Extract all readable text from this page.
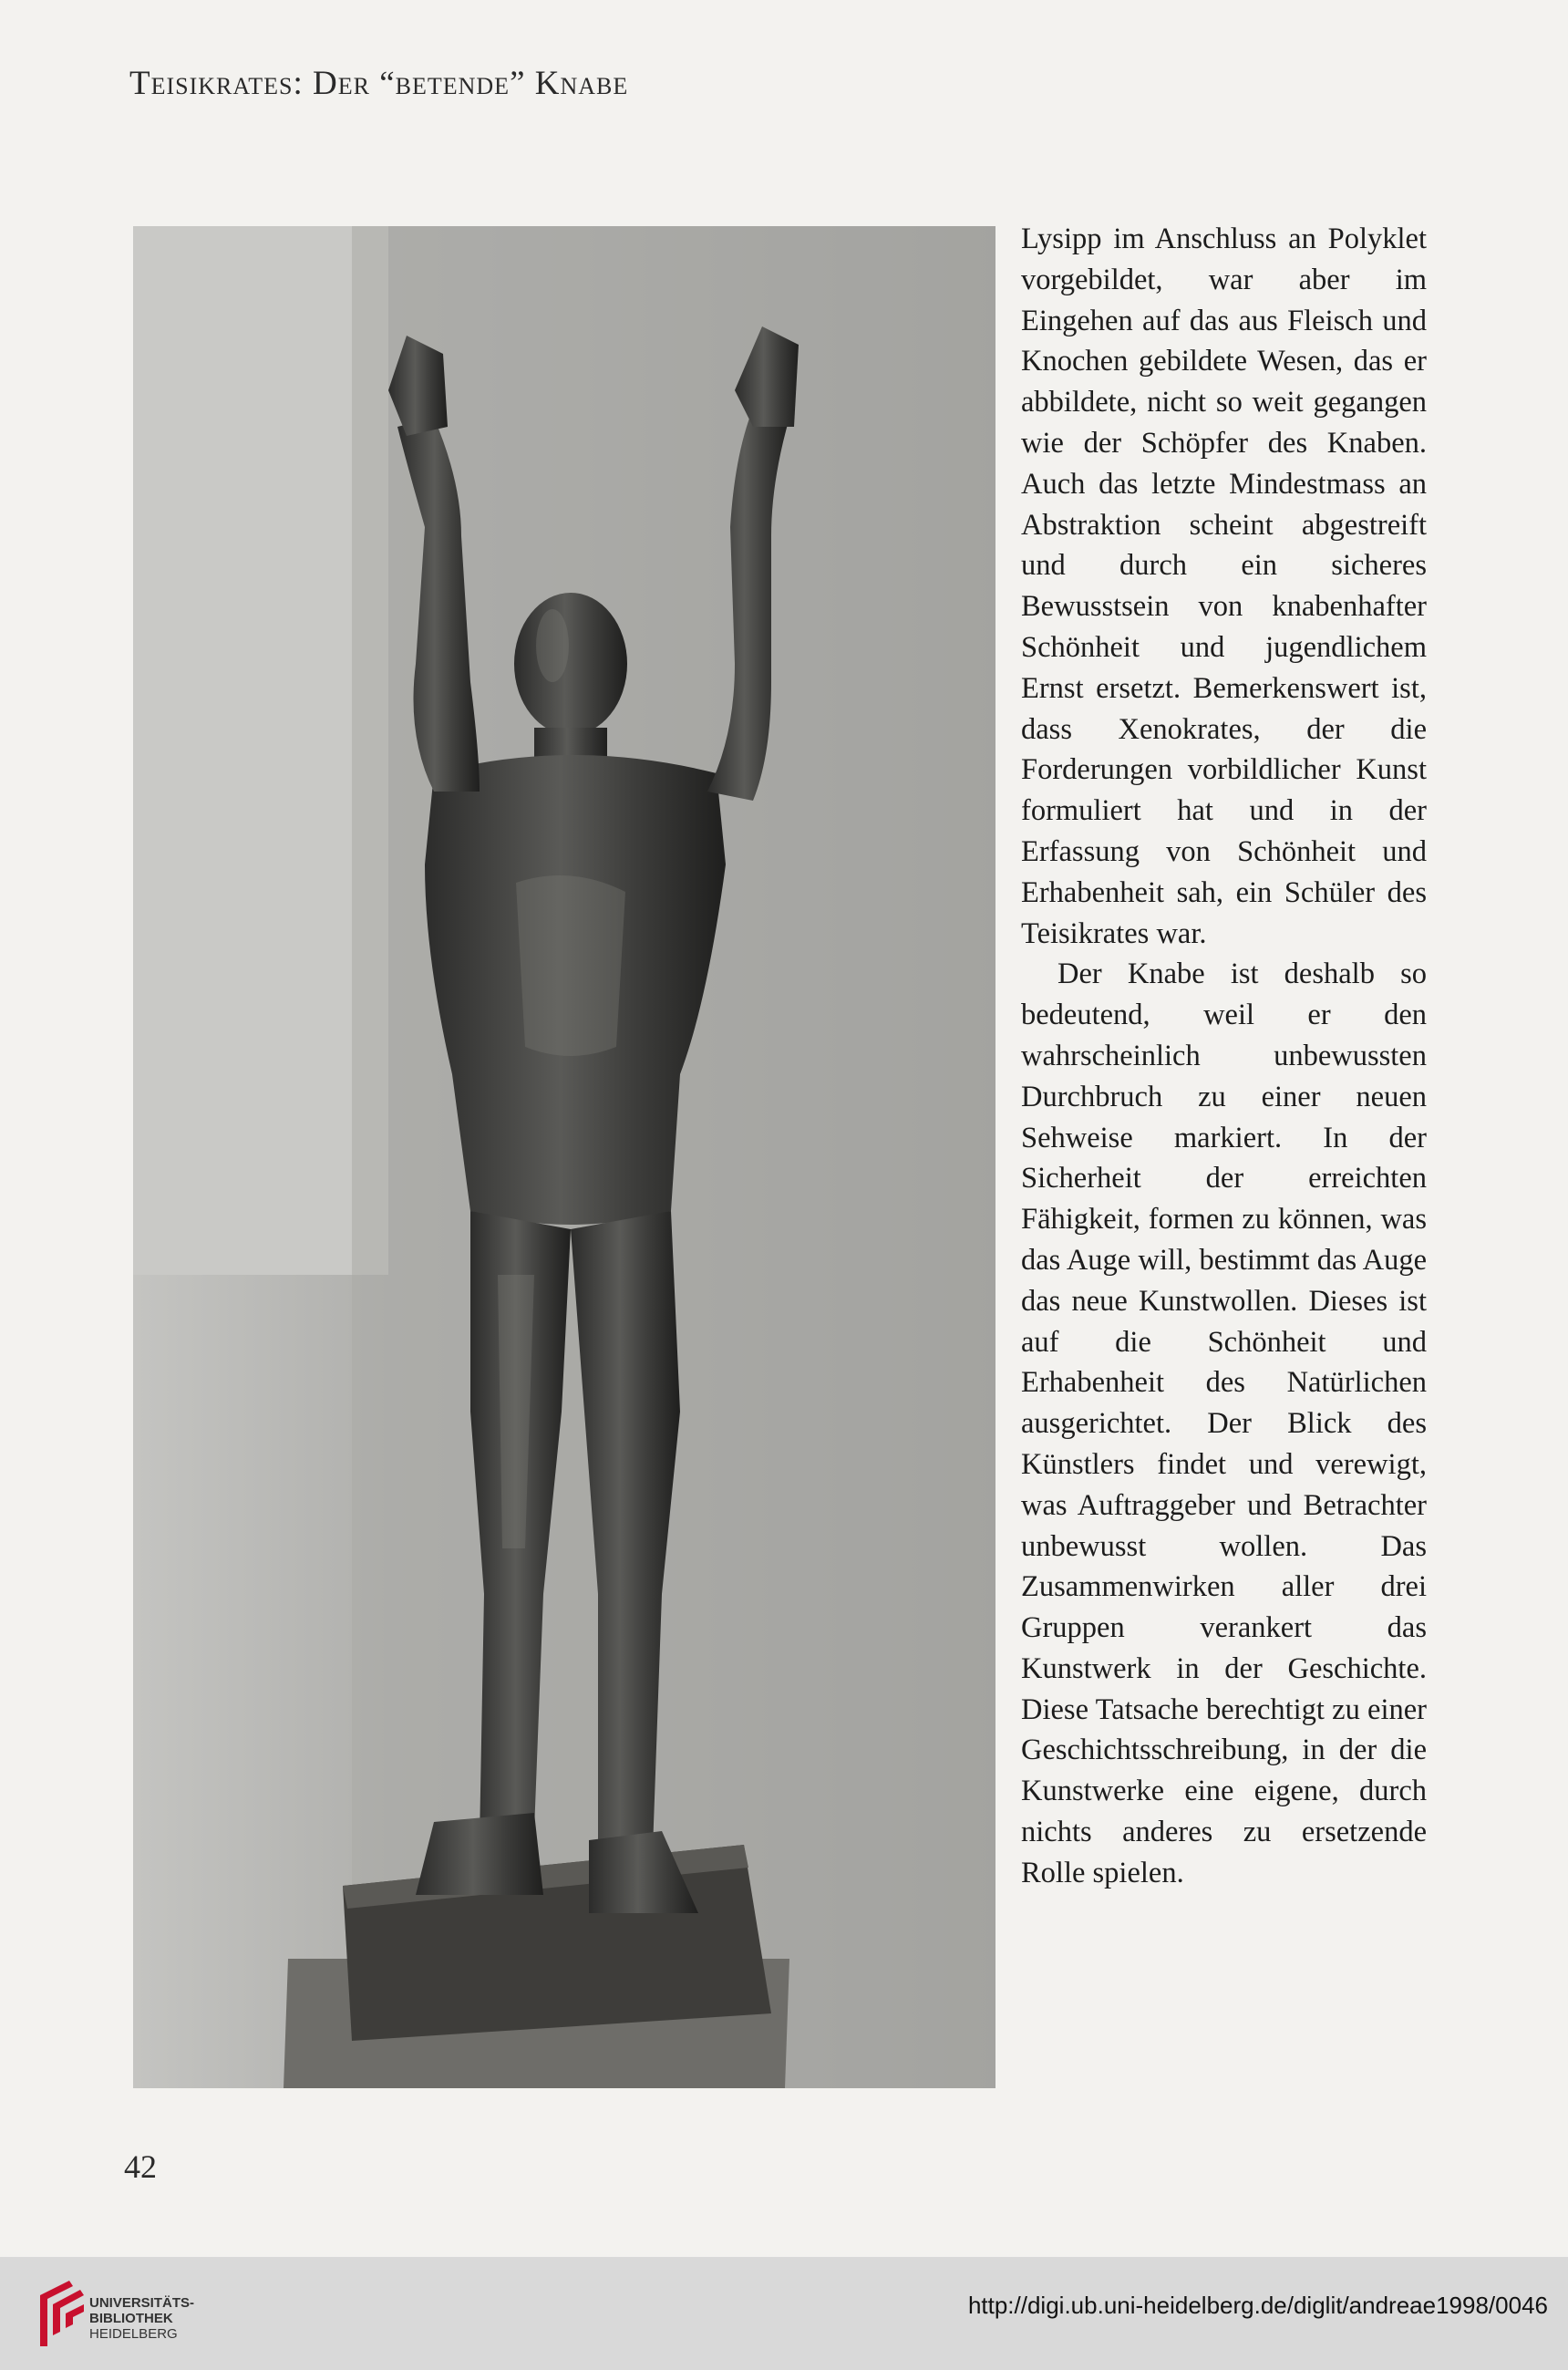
Teisikrates: Der “betende” Knabe

Lysipp im Anschluss an Polyklet vorgebildet, war aber im Eingehen auf das aus Fleisch und Knochen gebildete Wesen, das er abbildete, nicht so weit gegangen wie der Schöpfer des Knaben. Auch das letzte Mindestmass an Abstraktion scheint abgestreift und durch ein sicheres Bewusstsein von knabenhafter Schönheit und jugendlichem Ernst ersetzt. Bemerkenswert ist, dass Xenokrates, der die Forderungen vorbildlicher Kunst formuliert hat und in der Erfassung von Schönheit und Erhabenheit sah, ein Schüler des Teisikrates war.

Der Knabe ist deshalb so bedeutend, weil er den wahrscheinlich unbewussten Durchbruch zu einer neuen Sehweise markiert. In der Sicherheit der erreichten Fähigkeit, formen zu können, was das Auge will, bestimmt das Auge das neue Kunstwollen. Dieses ist auf die Schönheit und Erhabenheit des Natürlichen ausgerichtet. Der Blick des Künstlers findet und verewigt, was Auftraggeber und Betrachter unbewusst wollen. Das Zusammenwirken aller drei Gruppen verankert das Kunstwerk in der Geschichte. Diese Tatsache berechtigt zu einer Geschichtsschreibung, in der die Kunstwerke eine eigene, durch nichts anderes zu ersetzende Rolle spielen.

42
UNIVERSITÄTS-
BIBLIOTHEK
HEIDELBERG
http://digi.ub.uni-heidelberg.de/diglit/andreae1998/0046
